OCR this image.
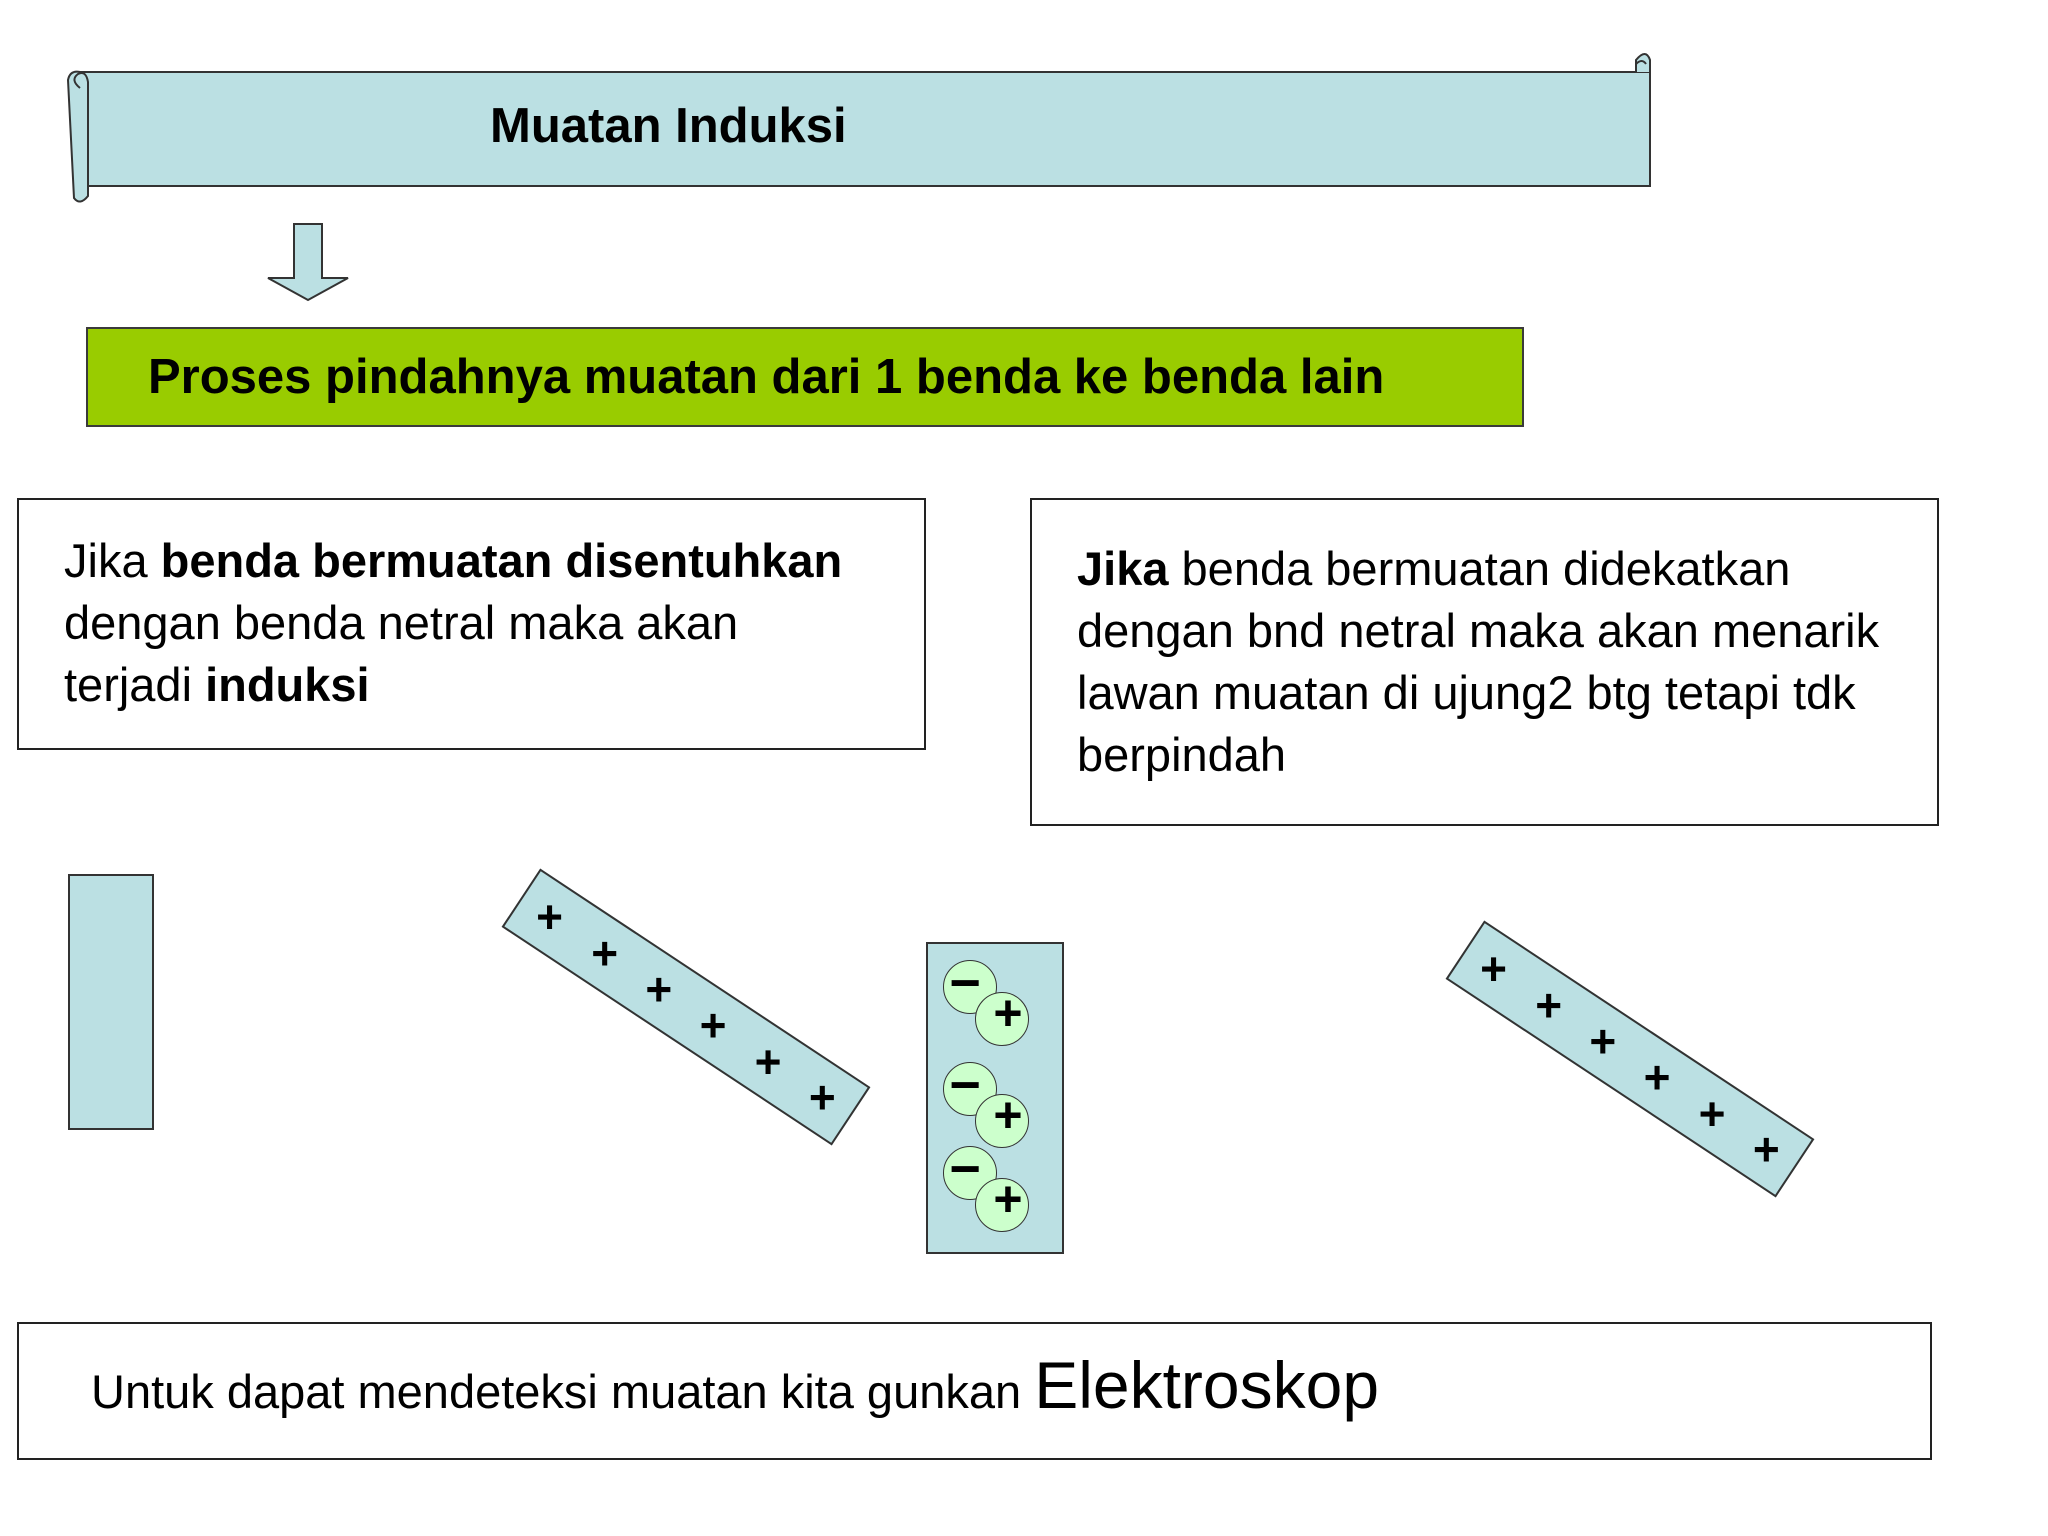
Muatan Induksi
Proses pindahnya muatan dari 1 benda ke benda lain
Jika benda bermuatan disentuhkan
dengan benda netral maka akan
terjadi induksi
Jika benda bermuatan didekatkan
dengan bnd netral maka akan menarik
lawan muatan di ujung2 btg tetapi tdk
berpindah
+
+
+
+
+
+
− +
− +
− +
+
+
+
+
+
+
Untuk dapat mendeteksi muatan kita gunkan Elektroskop
